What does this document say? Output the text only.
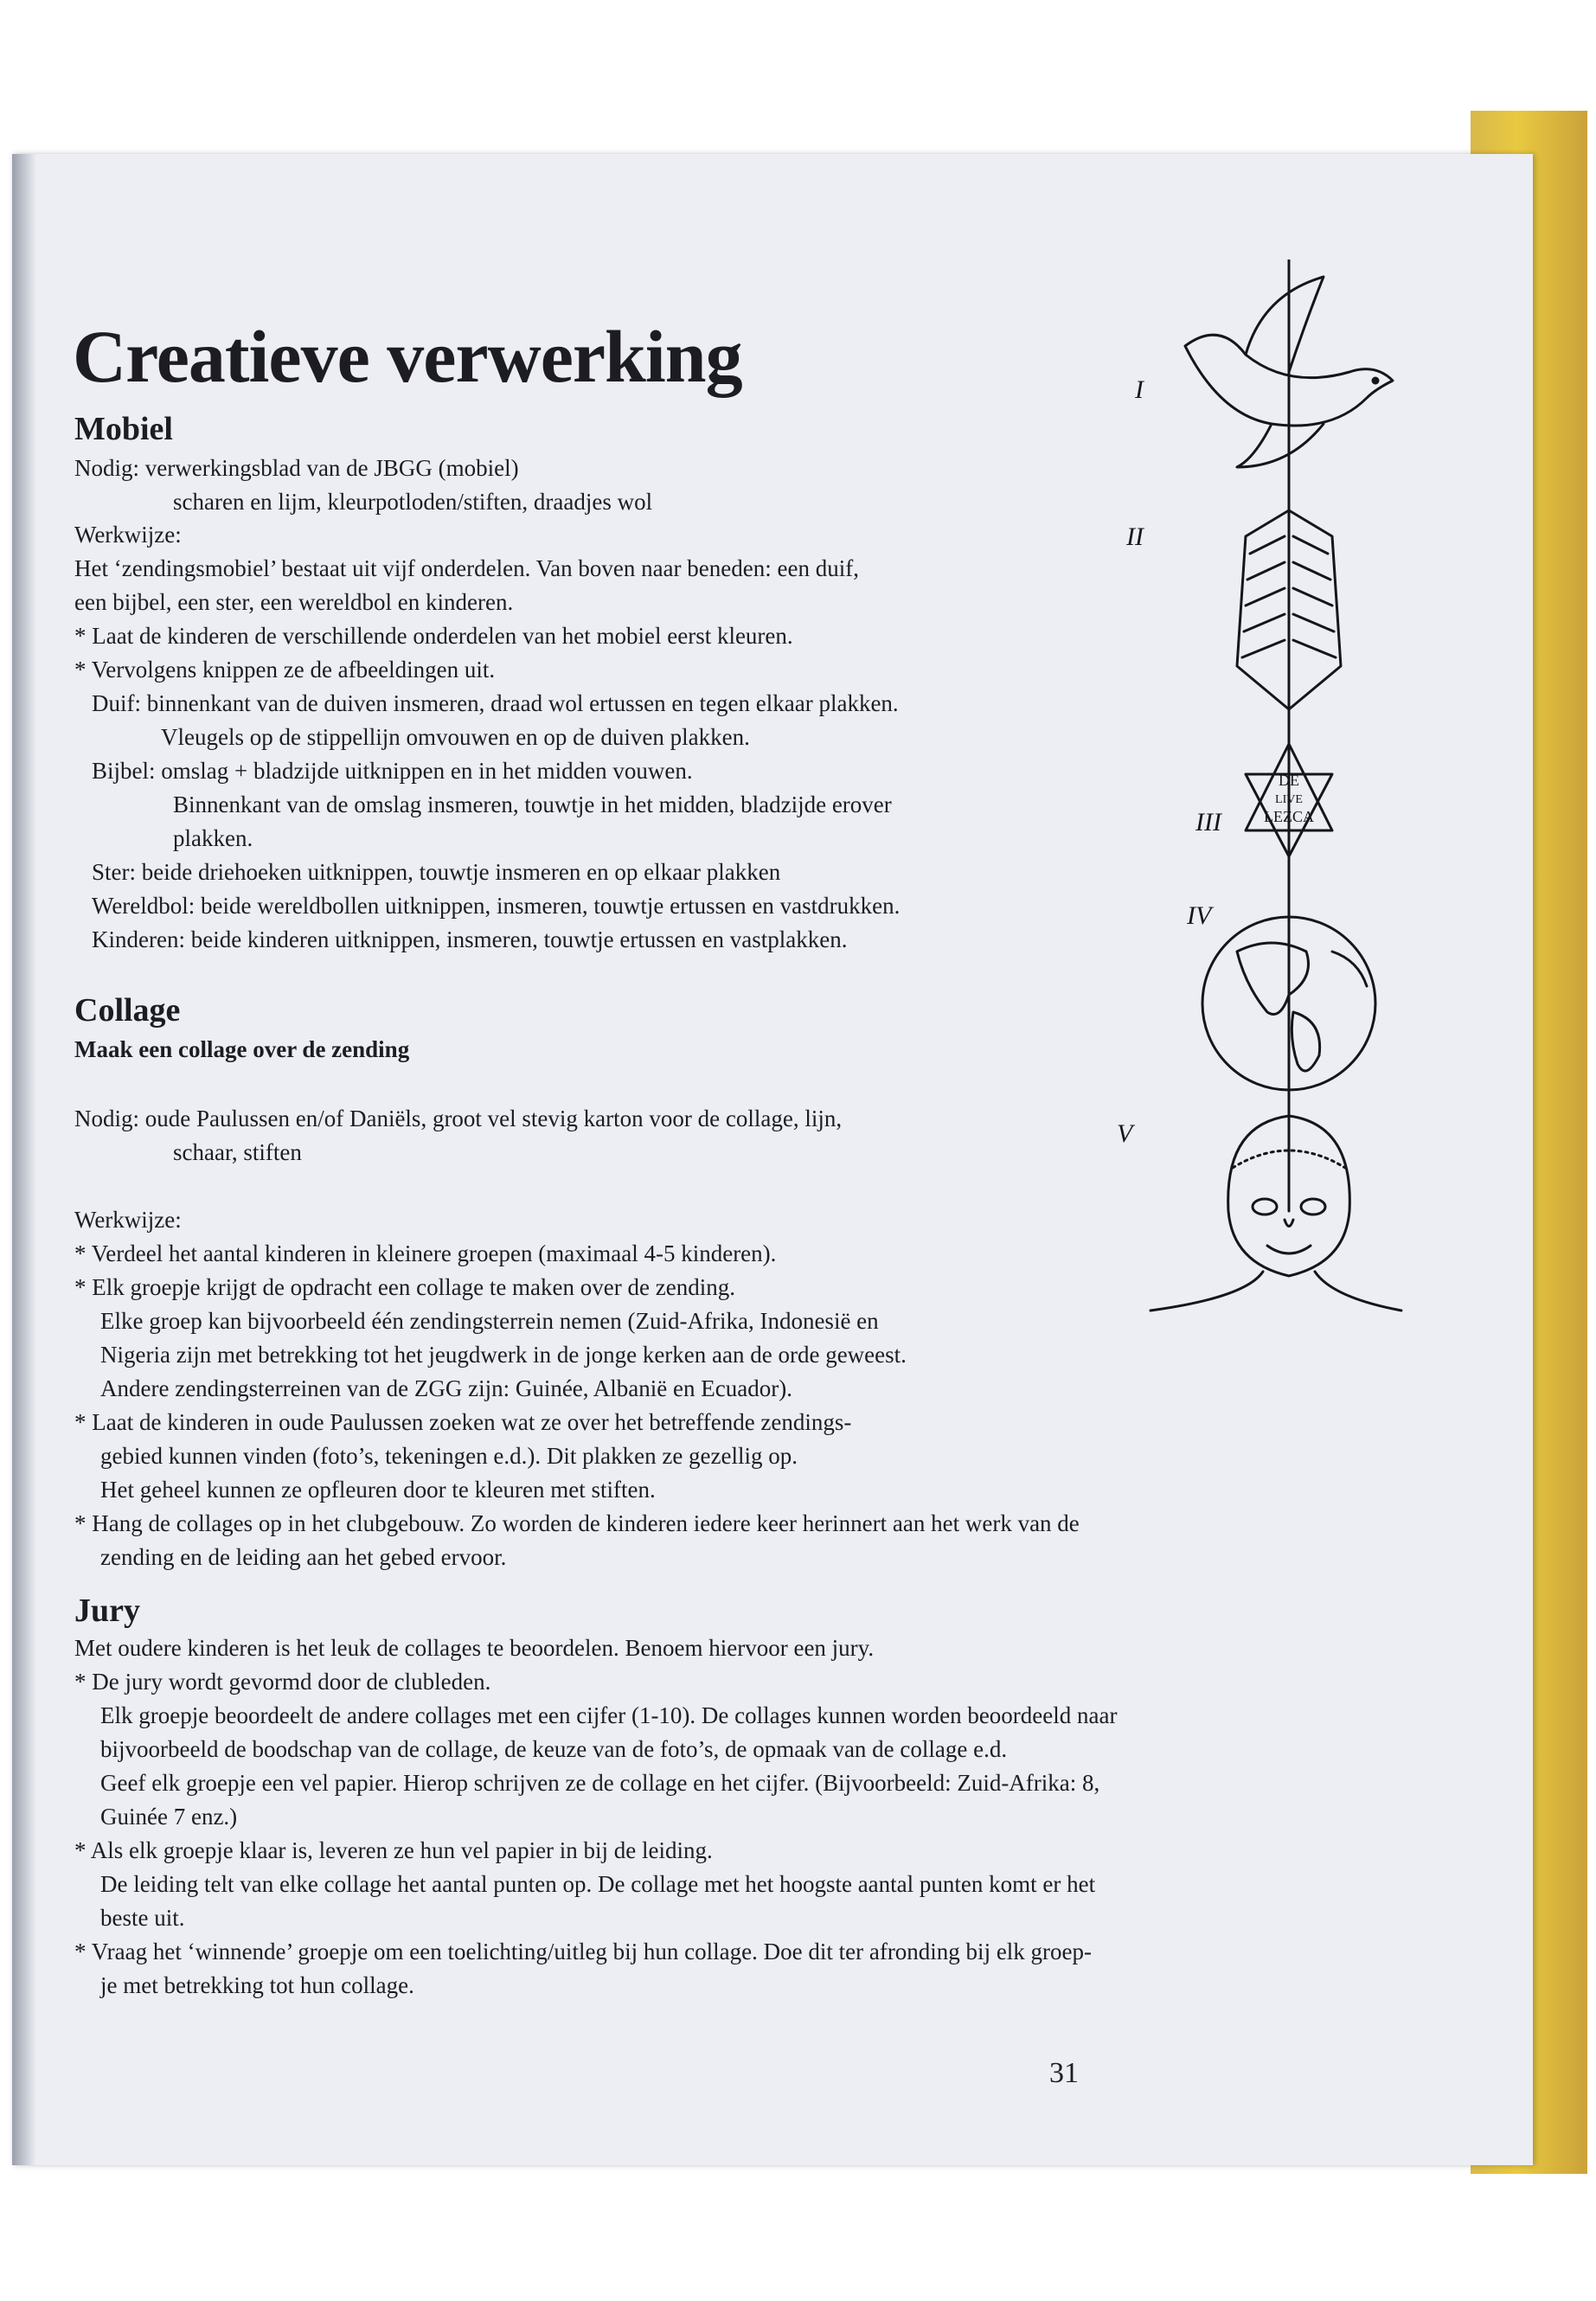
Creatieve verwerking
Mobiel
Nodig: verwerkingsblad van de JBGG (mobiel)
scharen en lijm, kleurpotloden/stiften, draadjes wol
Werkwijze:
Het ‘zendingsmobiel’ bestaat uit vijf onderdelen. Van boven naar beneden: een duif,
een bijbel, een ster, een wereldbol en kinderen.
* Laat de kinderen de verschillende onderdelen van het mobiel eerst kleuren.
* Vervolgens knippen ze de afbeeldingen uit.
Duif: binnenkant van de duiven insmeren, draad wol ertussen en tegen elkaar plakken.
Vleugels op de stippellijn omvouwen en op de duiven plakken.
Bijbel: omslag + bladzijde uitknippen en in het midden vouwen.
Binnenkant van de omslag insmeren, touwtje in het midden, bladzijde erover
plakken.
Ster: beide driehoeken uitknippen, touwtje insmeren en op elkaar plakken
Wereldbol: beide wereldbollen uitknippen, insmeren, touwtje ertussen en vastdrukken.
Kinderen: beide kinderen uitknippen, insmeren, touwtje ertussen en vastplakken.
Collage
Maak een collage over de zending
Nodig: oude Paulussen en/of Daniëls, groot vel stevig karton voor de collage, lijn,
schaar, stiften
Werkwijze:
* Verdeel het aantal kinderen in kleinere groepen (maximaal 4-5 kinderen).
* Elk groepje krijgt de opdracht een collage te maken over de zending.
Elke groep kan bijvoorbeeld één zendingsterrein nemen (Zuid-Afrika, Indonesië en
Nigeria zijn met betrekking tot het jeugdwerk in de jonge kerken aan de orde geweest.
Andere zendingsterreinen van de ZGG zijn: Guinée, Albanië en Ecuador).
* Laat de kinderen in oude Paulussen zoeken wat ze over het betreffende zendings-
gebied kunnen vinden (foto’s, tekeningen e.d.). Dit plakken ze gezellig op.
Het geheel kunnen ze opfleuren door te kleuren met stiften.
* Hang de collages op in het clubgebouw. Zo worden de kinderen iedere keer herinnert aan het werk van de
zending en de leiding aan het gebed ervoor.
Jury
Met oudere kinderen is het leuk de collages te beoordelen. Benoem hiervoor een jury.
* De jury wordt gevormd door de clubleden.
Elk groepje beoordeelt de andere collages met een cijfer (1-10). De collages kunnen worden beoordeeld naar
bijvoorbeeld de boodschap van de collage, de keuze van de foto’s, de opmaak van de collage e.d.
Geef elk groepje een vel papier. Hierop schrijven ze de collage en het cijfer. (Bijvoorbeeld: Zuid-Afrika: 8,
Guinée 7 enz.)
* Als elk groepje klaar is, leveren ze hun vel papier in bij de leiding.
De leiding telt van elke collage het aantal punten op. De collage met het hoogste aantal punten komt er het
beste uit.
* Vraag het ‘winnende’ groepje om een toelichting/uitleg bij hun collage. Doe dit ter afronding bij elk groep-
je met betrekking tot hun collage.
I
II
DE
LIVE
LEZCA
III
IV
V
31
